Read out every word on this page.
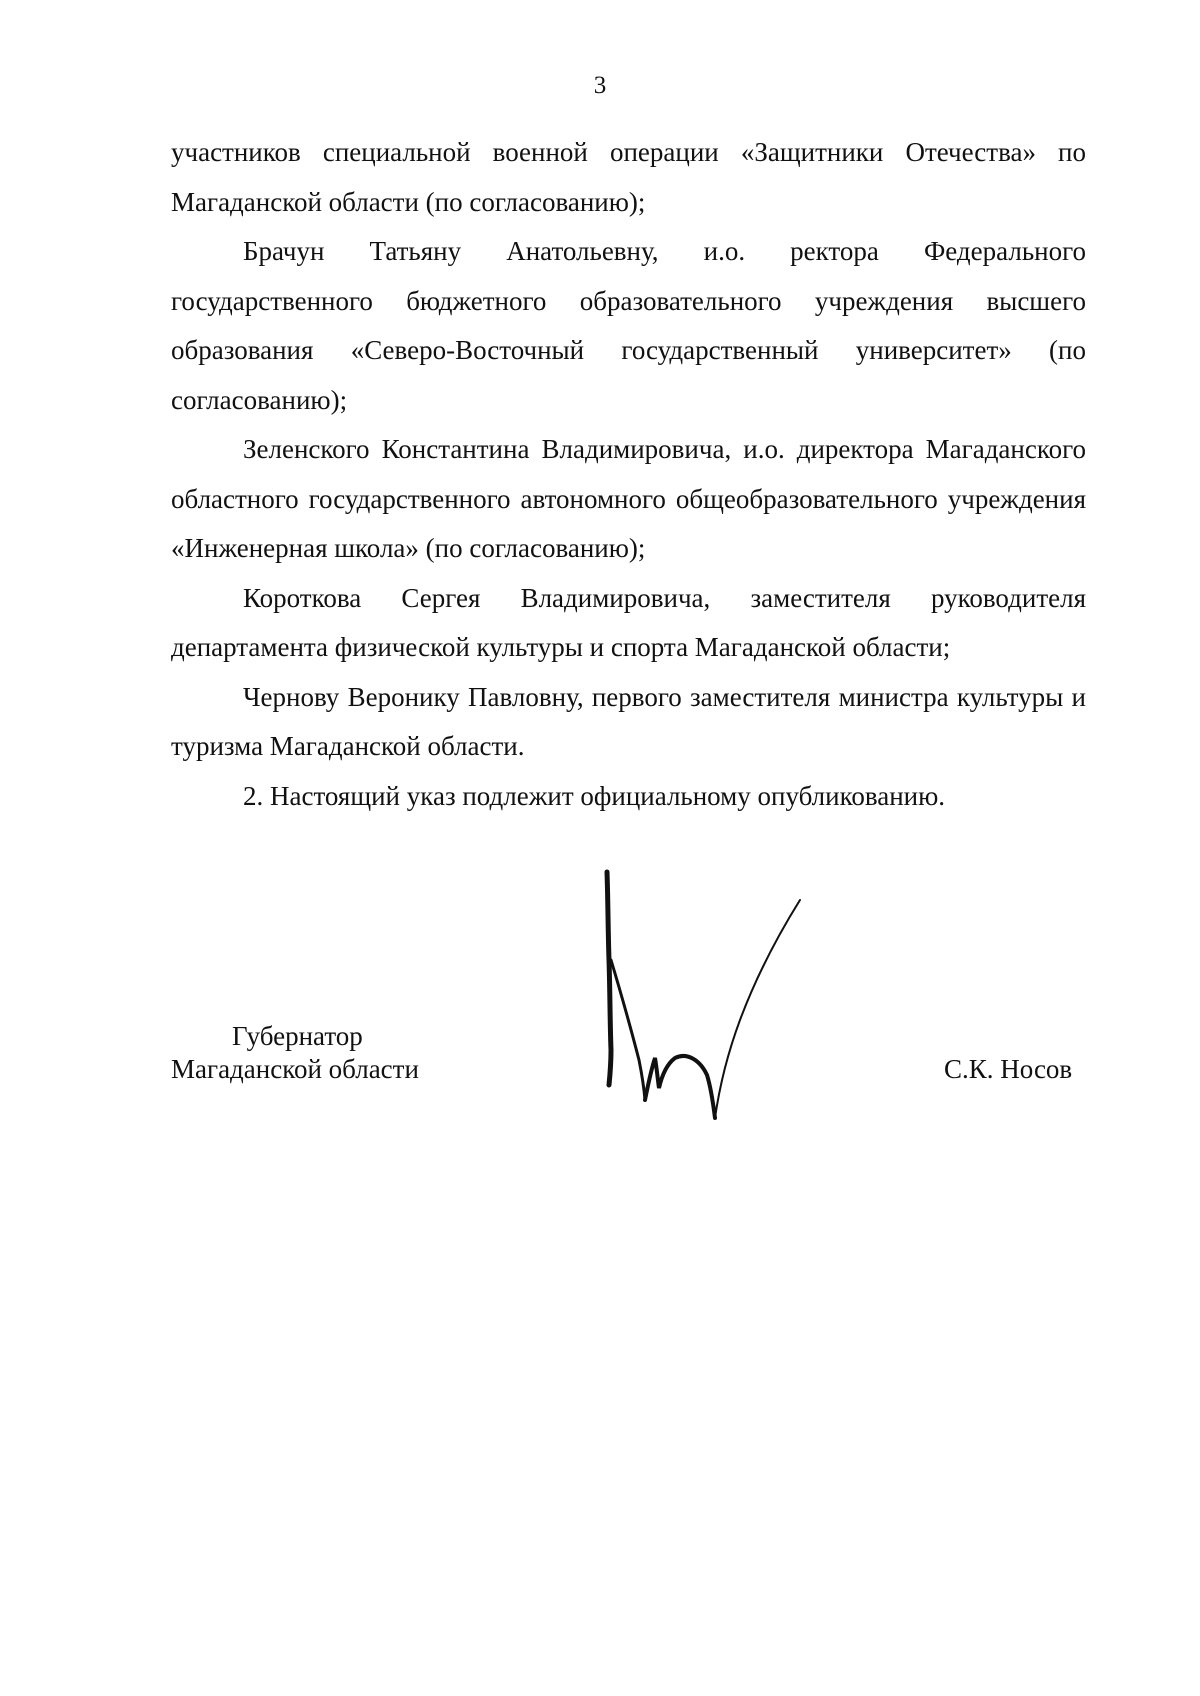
3

участников специальной военной операции «Защитники Отечества» по Магаданской области (по согласованию);

Брачун Татьяну Анатольевну, и.о. ректора Федерального государственного бюджетного образовательного учреждения высшего образования «Северо-Восточный государственный университет» (по согласованию);

Зеленского Константина Владимировича, и.о. директора Магаданского областного государственного автономного общеобразовательного учреждения «Инженерная школа» (по согласованию);

Короткова Сергея Владимировича, заместителя руководителя департамента физической культуры и спорта Магаданской области;

Чернову Веронику Павловну, первого заместителя министра культуры и туризма Магаданской области.

2. Настоящий указ подлежит официальному опубликованию.

Губернатор
Магаданской области	С.К. Носов
